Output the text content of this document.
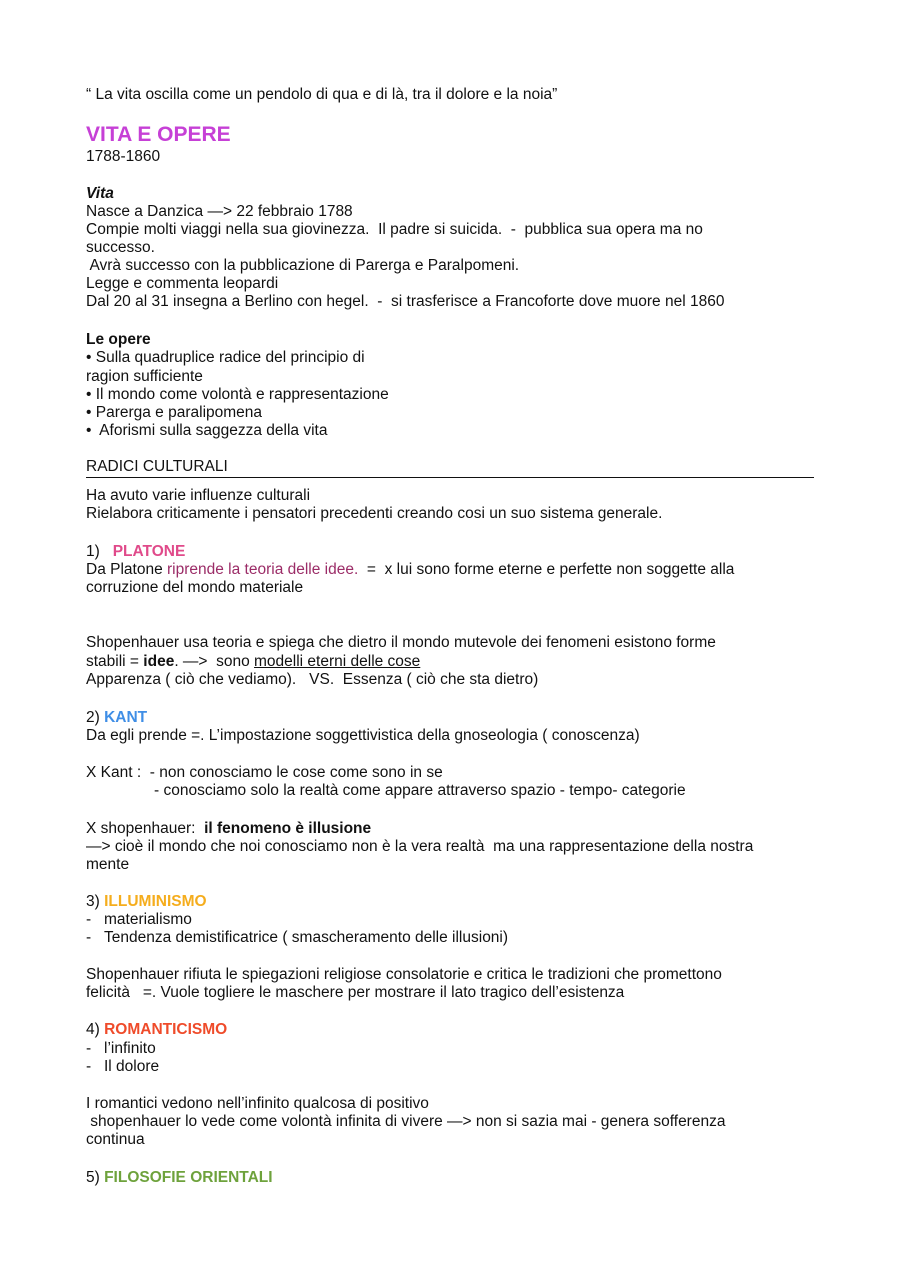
“ La vita oscilla come un pendolo di qua e di là, tra il dolore e la noia”
VITA E OPERE
1788-1860
Vita
Nasce a Danzica —> 22 febbraio 1788
Compie molti viaggi nella sua giovinezza.  Il padre si suicida.  -  pubblica sua opera ma no
successo.
Avrà successo con la pubblicazione di Parerga e Paralpomeni.
Legge e commenta leopardi
Dal 20 al 31 insegna a Berlino con hegel.  -  si trasferisce a Francoforte dove muore nel 1860
Le opere
• Sulla quadruplice radice del principio di
ragion sufficiente
• Il mondo come volontà e rappresentazione
• Parerga e paralipomena
•  Aforismi sulla saggezza della vita
RADICI CULTURALI
Ha avuto varie influenze culturali
Rielabora criticamente i pensatori precedenti creando cosi un suo sistema generale.
1)   PLATONE
Da Platone riprende la teoria delle idee.  =  x lui sono forme eterne e perfette non soggette alla
corruzione del mondo materiale
Shopenhauer usa teoria e spiega che dietro il mondo mutevole dei fenomeni esistono forme
stabili = idee. —>  sono modelli eterni delle cose
Apparenza ( ciò che vediamo).   VS.  Essenza ( ciò che sta dietro)
2) KANT
Da egli prende =. L’impostazione soggettivistica della gnoseologia ( conoscenza)
X Kant :  - non conosciamo le cose come sono in se
- conosciamo solo la realtà come appare attraverso spazio - tempo- categorie
X shopenhauer:  il fenomeno è illusione
—> cioè il mondo che noi conosciamo non è la vera realtà  ma una rappresentazione della nostra
mente
3) ILLUMINISMO
- materialismo
- Tendenza demistificatrice ( smascheramento delle illusioni)
Shopenhauer rifiuta le spiegazioni religiose consolatorie e critica le tradizioni che promettono
felicità   =. Vuole togliere le maschere per mostrare il lato tragico dell’esistenza
4) ROMANTICISMO
- l’infinito
- Il dolore
I romantici vedono nell’infinito qualcosa di positivo
shopenhauer lo vede come volontà infinita di vivere —> non si sazia mai - genera sofferenza
continua
5) FILOSOFIE ORIENTALI
